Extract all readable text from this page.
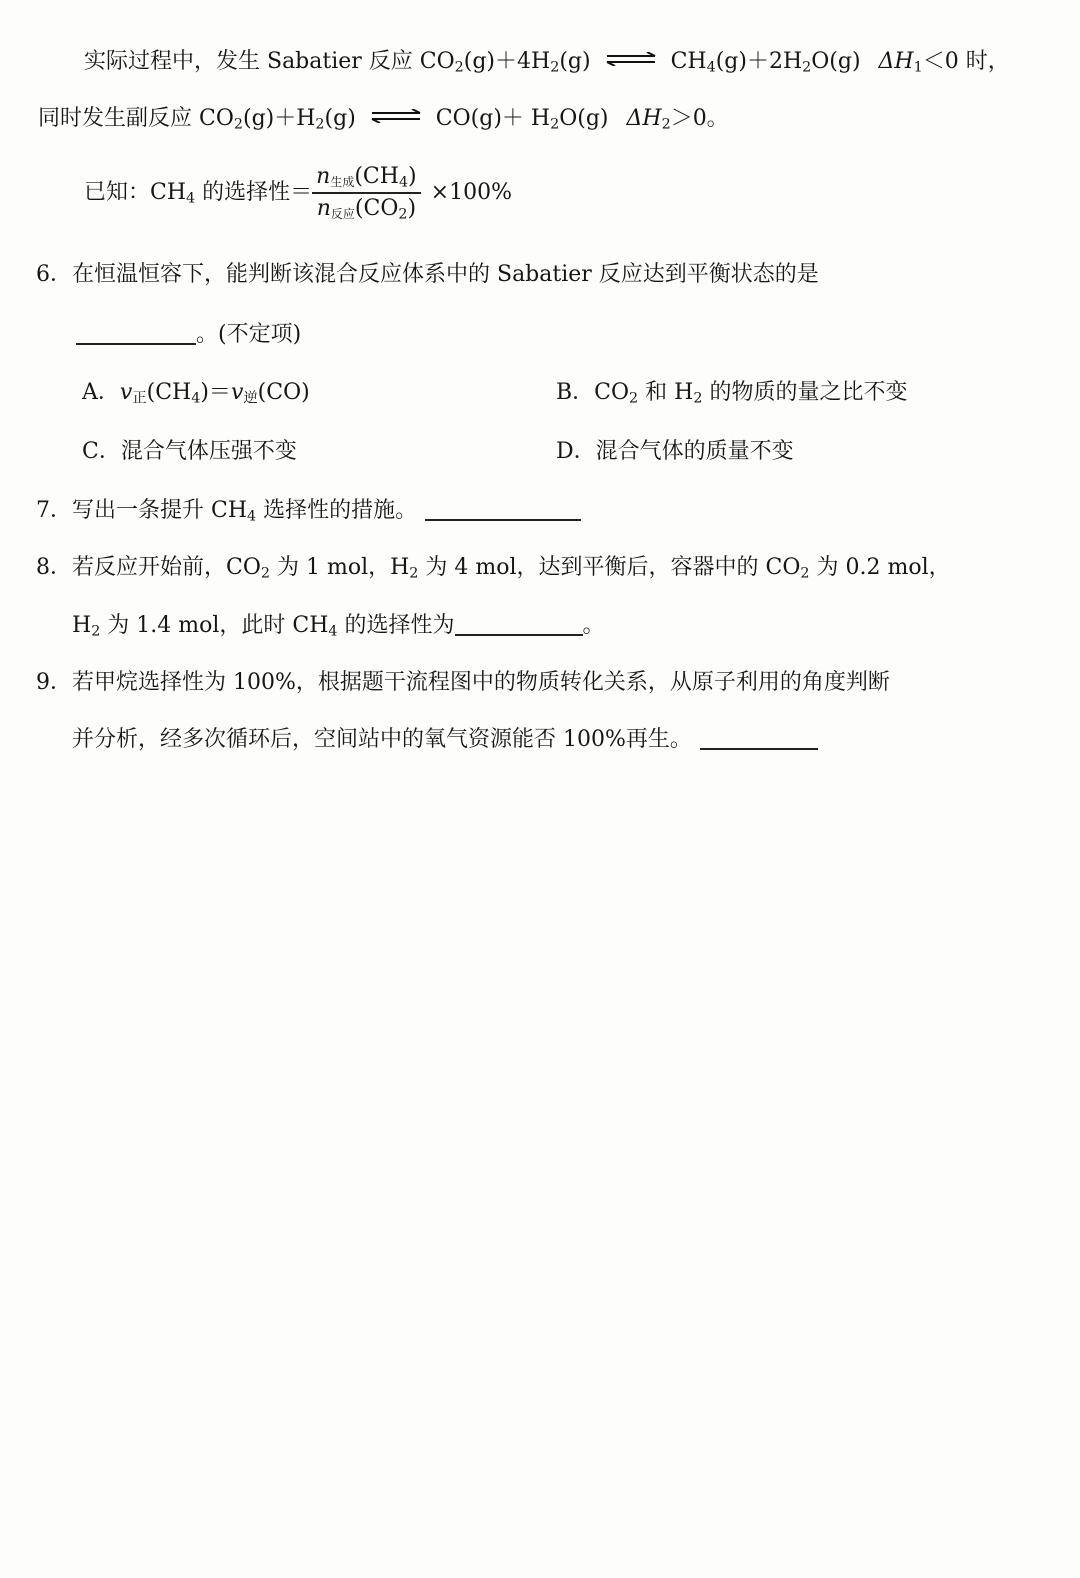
实际过程中，发生 Sabatier 反应 $CO_2(g)+4H_2(g)$ ⇌ $CH_4(g)+2H_2O(g)$ $\Delta H_1<0$ 时，
同时发生副反应 $CO_2(g)+H_2(g)$ ⇌ $CO(g)+ H_2O(g)$ $\Delta H_2>0$。
已知：$CH_4$ 的选择性＝ $\frac{n_{生成}(CH_4)}{n_{反应}(CO_2)} \times 100\%$
6．在恒温恒容下，能判断该混合反应体系中的 Sabatier 反应达到平衡状态的是
。(不定项)
A．$v_正(CH_4)=v_逆(CO)$	B．$CO_2$ 和 $H_2$ 的物质的量之比不变
C．混合气体压强不变	D．混合气体的质量不变
7．写出一条提升 $CH_4$ 选择性的措施。
8．若反应开始前，$CO_2$ 为 1 mol，$H_2$ 为 4 mol，达到平衡后，容器中的 $CO_2$ 为 0.2 mol，
$H_2$ 为 1.4 mol，此时 $CH_4$ 的选择性为	。
9．若甲烷选择性为 100%，根据题干流程图中的物质转化关系，从原子利用的角度判断
并分析，经多次循环后，空间站中的氧气资源能否 100%再生。
